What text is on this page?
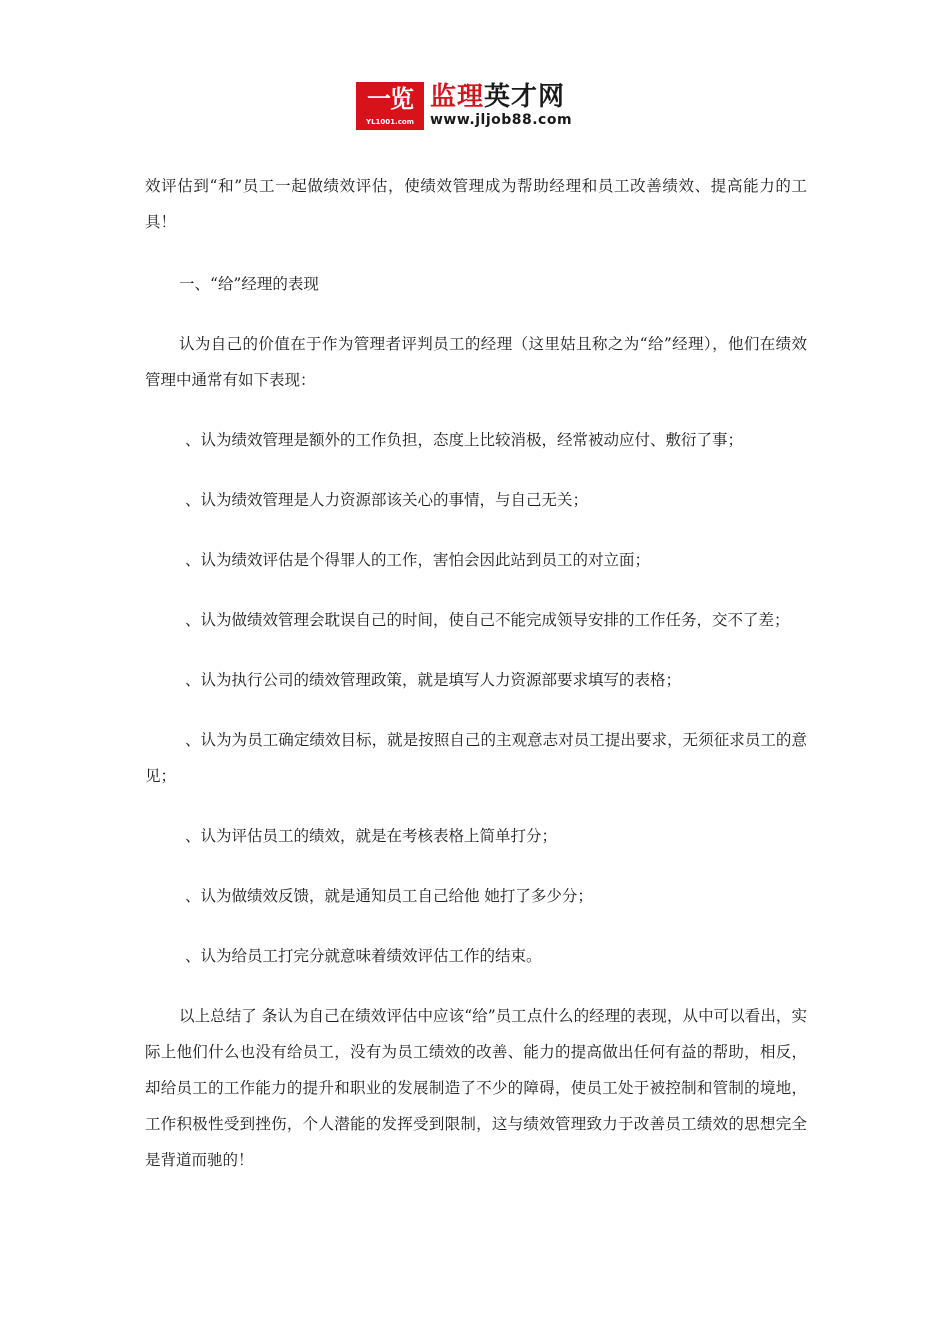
一览
YL1001.com
监理英才网
www.jljob88.com

效评估到“和”员工一起做绩效评估，使绩效管理成为帮助经理和员工改善绩效、提高能力的工具！

一、“给”经理的表现

认为自己的价值在于作为管理者评判员工的经理（这里姑且称之为“给”经理），他们在绩效管理中通常有如下表现：

、认为绩效管理是额外的工作负担，态度上比较消极，经常被动应付、敷衍了事；

、认为绩效管理是人力资源部该关心的事情，与自己无关；

、认为绩效评估是个得罪人的工作，害怕会因此站到员工的对立面；

、认为做绩效管理会耽误自己的时间，使自己不能完成领导安排的工作任务，交不了差；

、认为执行公司的绩效管理政策，就是填写人力资源部要求填写的表格；

、认为为员工确定绩效目标，就是按照自己的主观意志对员工提出要求，无须征求员工的意见；

、认为评估员工的绩效，就是在考核表格上简单打分；

、认为做绩效反馈，就是通知员工自己给他 她打了多少分；

、认为给员工打完分就意味着绩效评估工作的结束。

以上总结了 条认为自己在绩效评估中应该“给”员工点什么的经理的表现，从中可以看出，实际上他们什么也没有给员工，没有为员工绩效的改善、能力的提高做出任何有益的帮助，相反，却给员工的工作能力的提升和职业的发展制造了不少的障碍，使员工处于被控制和管制的境地，工作积极性受到挫伤，个人潜能的发挥受到限制，这与绩效管理致力于改善员工绩效的思想完全是背道而驰的！
